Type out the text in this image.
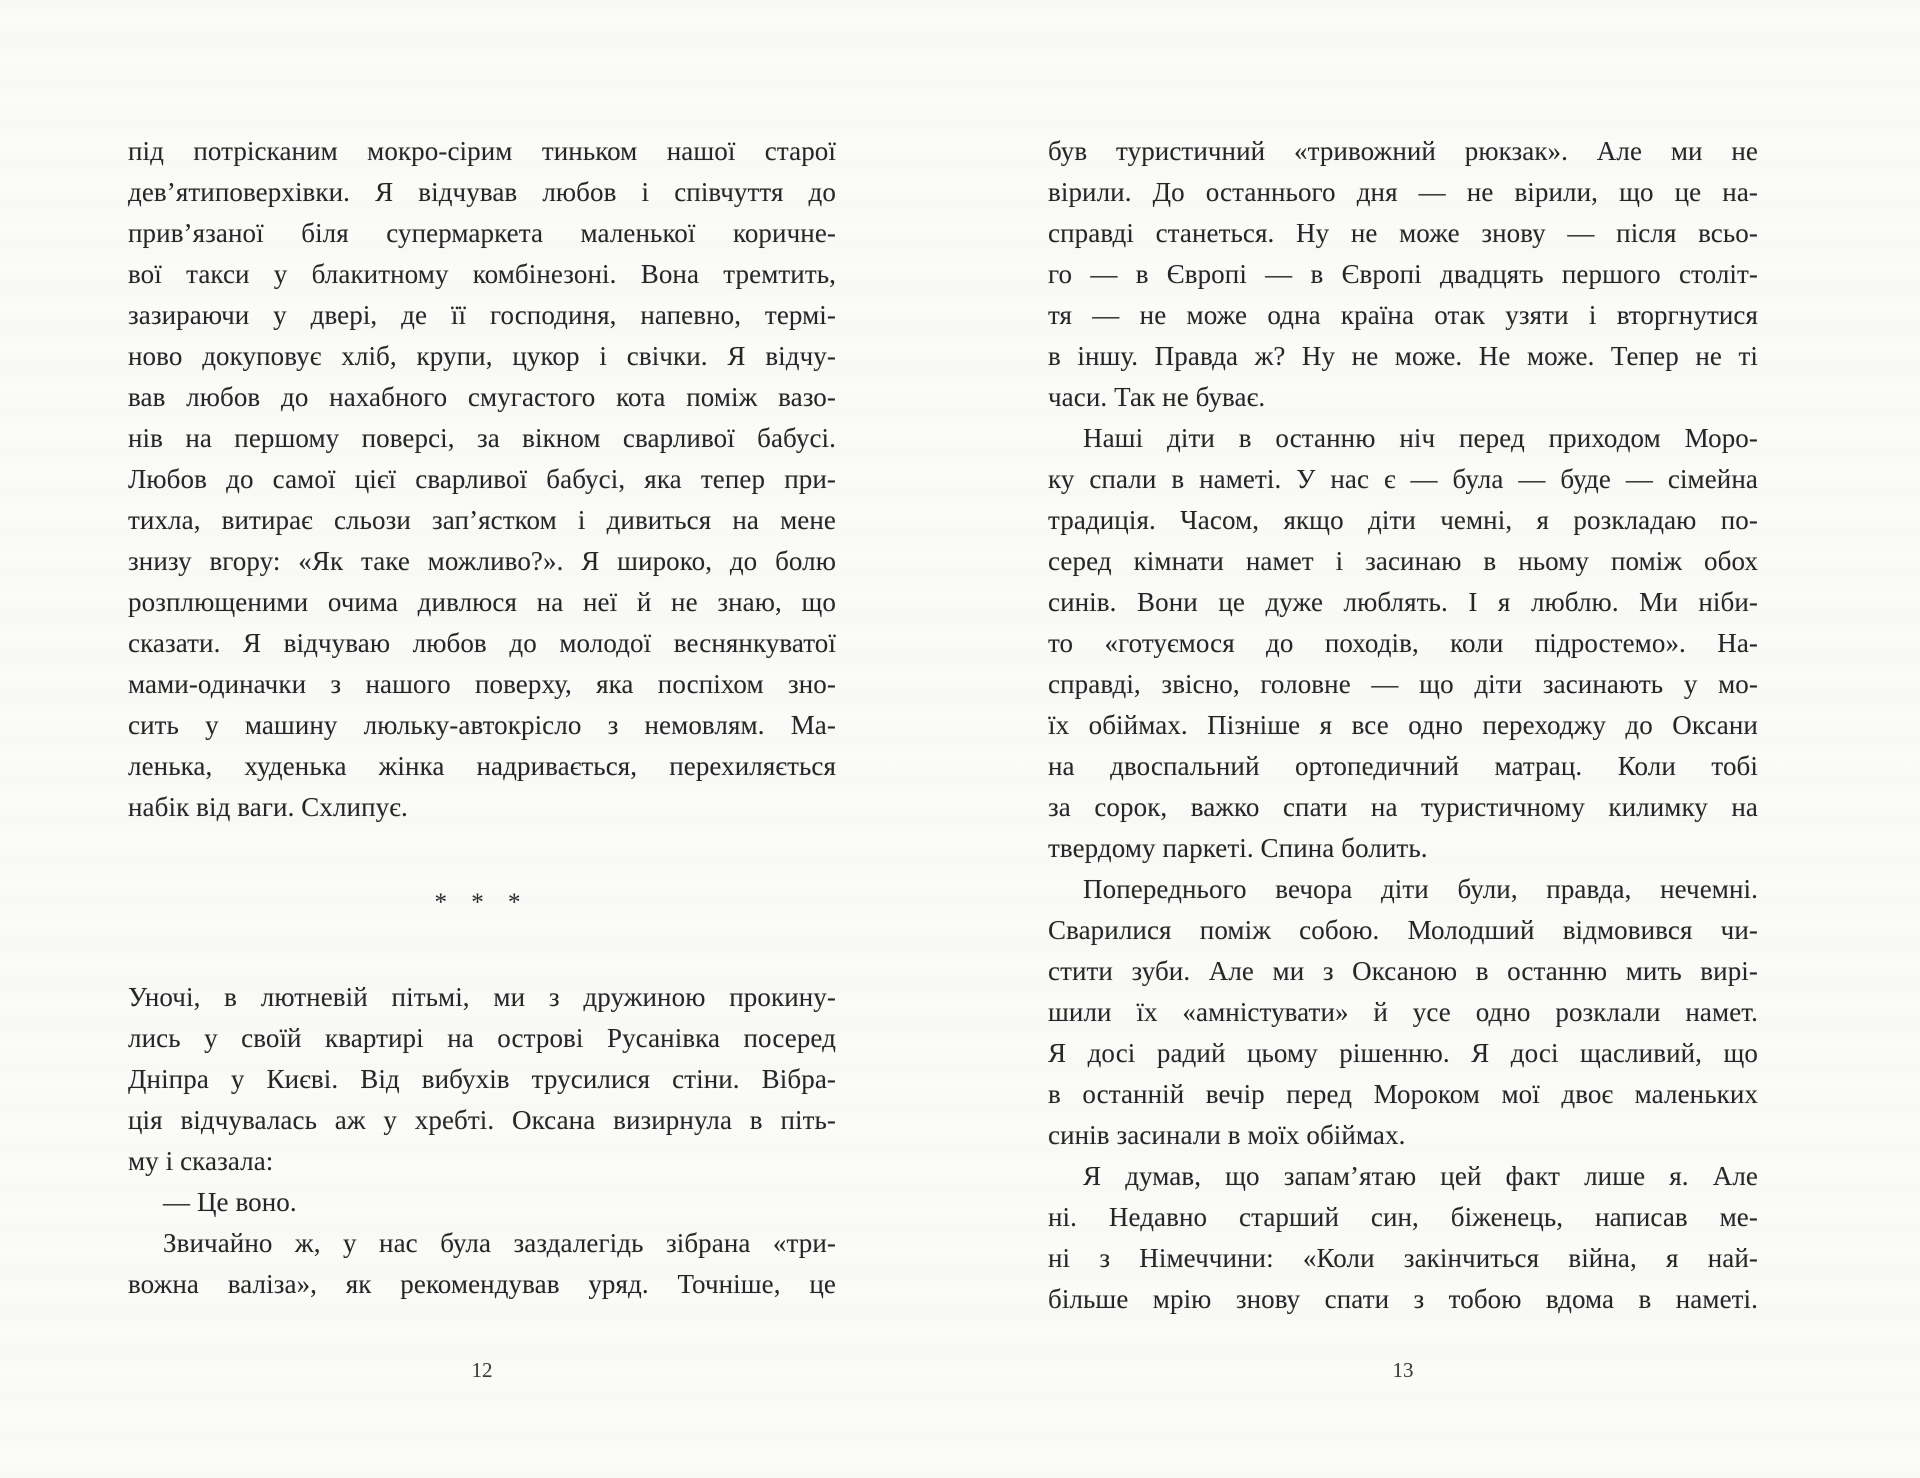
під потрісканим мокро-сірим тиньком нашої старої
дев’ятиповерхівки. Я відчував любов і співчуття до
прив’язаної біля супермаркета маленької коричне-
вої такси у блакитному комбінезоні. Вона тремтить,
зазираючи у двері, де її господиня, напевно, термі-
ново докуповує хліб, крупи, цукор і свічки. Я відчу-
вав любов до нахабного смугастого кота поміж вазо-
нів на першому поверсі, за вікном сварливої бабусі.
Любов до самої цієї сварливої бабусі, яка тепер при-
тихла, витирає сльози зап’ястком і дивиться на мене
знизу вгору: «Як таке можливо?». Я широко, до болю
розплющеними очима дивлюся на неї й не знаю, що
сказати. Я відчуваю любов до молодої веснянкуватої
мами-одиначки з нашого поверху, яка поспіхом зно-
сить у машину люльку-автокрісло з немовлям. Ма-
ленька, худенька жінка надривається, перехиляється
набік від ваги. Схлипує.
* * *
Уночі, в лютневій пітьмі, ми з дружиною прокину-
лись у своїй квартирі на острові Русанівка посеред
Дніпра у Києві. Від вибухів трусилися стіни. Вібра-
ція відчувалась аж у хребті. Оксана визирнула в піть-
му і сказала:
— Це воно.
Звичайно ж, у нас була заздалегідь зібрана «три-
вожна валіза», як рекомендував уряд. Точніше, це
був туристичний «тривожний рюкзак». Але ми не
вірили. До останнього дня — не вірили, що це на-
справді станеться. Ну не може знову — після всьо-
го — в Європі — в Європі двадцять першого століт-
тя — не може одна країна отак узяти і вторгнутися
в іншу. Правда ж? Ну не може. Не може. Тепер не ті
часи. Так не буває.
Наші діти в останню ніч перед приходом Моро-
ку спали в наметі. У нас є — була — буде — сімейна
традиція. Часом, якщо діти чемні, я розкладаю по-
серед кімнати намет і засинаю в ньому поміж обох
синів. Вони це дуже люблять. І я люблю. Ми ніби-
то «готуємося до походів, коли підростемо». На-
справді, звісно, головне — що діти засинають у мо-
їх обіймах. Пізніше я все одно переходжу до Оксани
на двоспальний ортопедичний матрац. Коли тобі
за сорок, важко спати на туристичному килимку на
твердому паркеті. Спина болить.
Попереднього вечора діти були, правда, нечемні.
Сварилися поміж собою. Молодший відмовився чи-
стити зуби. Але ми з Оксаною в останню мить вирі-
шили їх «амністувати» й усе одно розклали намет.
Я досі радий цьому рішенню. Я досі щасливий, що
в останній вечір перед Мороком мої двоє маленьких
синів засинали в моїх обіймах.
Я думав, що запам’ятаю цей факт лише я. Але
ні. Недавно старший син, біженець, написав ме-
ні з Німеччини: «Коли закінчиться війна, я най-
більше мрію знову спати з тобою вдома в наметі.
12	13
